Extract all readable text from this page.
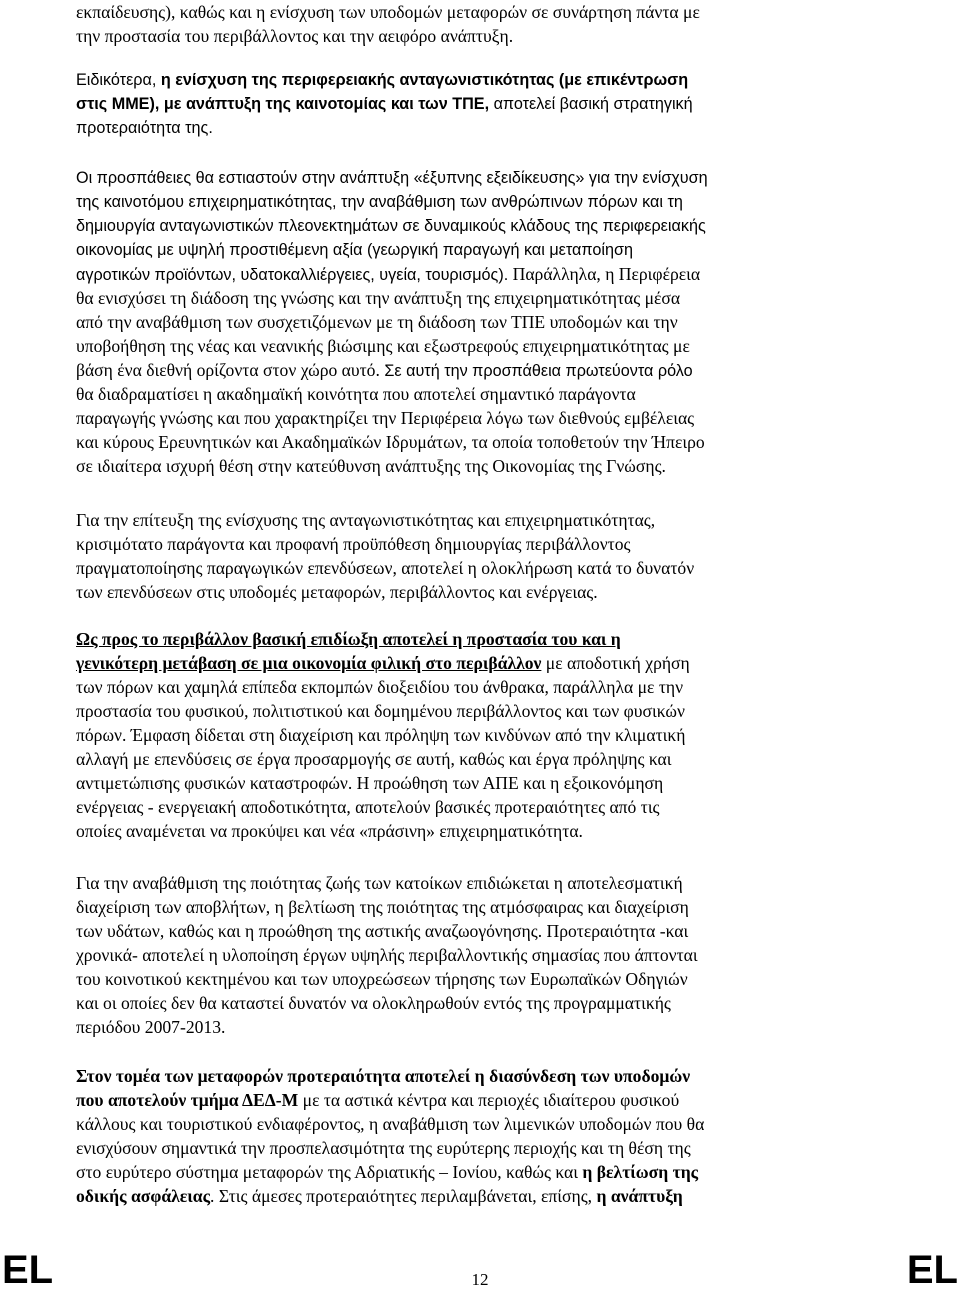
εκπαίδευσης), καθώς και η ενίσχυση των υποδομών μεταφορών σε συνάρτηση πάντα με
την προστασία του περιβάλλοντος και την αειφόρο ανάπτυξη.
Ειδικότερα, η ενίσχυση της περιφερειακής ανταγωνιστικότητας (με επικέντρωση
στις ΜΜΕ), με ανάπτυξη της καινοτομίας και των ΤΠΕ, αποτελεί βασική στρατηγική
προτεραιότητα της.
Οι προσπάθειες θα εστιαστούν στην ανάπτυξη «έξυπνης εξειδίκευσης» για την ενίσχυση
της καινοτόμου επιχειρηματικότητας, την αναβάθμιση των ανθρώπινων πόρων και τη
δημιουργία ανταγωνιστικών πλεονεκτημάτων σε δυναμικούς κλάδους της περιφερειακής
οικονομίας με υψηλή προστιθέμενη αξία (γεωργική παραγωγή και μεταποίηση
αγροτικών προϊόντων, υδατοκαλλιέργειες, υγεία, τουρισμός). Παράλληλα, η Περιφέρεια
θα ενισχύσει τη διάδοση της γνώσης και την ανάπτυξη της επιχειρηματικότητας μέσα
από την αναβάθμιση των συσχετιζόμενων με τη διάδοση των ΤΠΕ υποδομών και την
υποβοήθηση της νέας και νεανικής βιώσιμης και εξωστρεφούς επιχειρηματικότητας με
βάση ένα διεθνή ορίζοντα στον χώρο αυτό. Σε αυτή την προσπάθεια πρωτεύοντα ρόλο
θα διαδραματίσει η ακαδημαϊκή κοινότητα που αποτελεί σημαντικό παράγοντα
παραγωγής γνώσης και που χαρακτηρίζει την Περιφέρεια λόγω των διεθνούς εμβέλειας
και κύρους Ερευνητικών και Ακαδημαϊκών Ιδρυμάτων, τα οποία τοποθετούν την Ήπειρο
σε ιδιαίτερα ισχυρή θέση στην κατεύθυνση ανάπτυξης της Οικονομίας της Γνώσης.
Για την επίτευξη της ενίσχυσης της ανταγωνιστικότητας και επιχειρηματικότητας,
κρισιμότατο παράγοντα και προφανή προϋπόθεση δημιουργίας περιβάλλοντος
πραγματοποίησης παραγωγικών επενδύσεων, αποτελεί η ολοκλήρωση κατά το δυνατόν
των επενδύσεων στις υποδομές μεταφορών, περιβάλλοντος και ενέργειας.
Ως προς το περιβάλλον βασική επιδίωξη αποτελεί η προστασία του και η
γενικότερη μετάβαση σε μια οικονομία φιλική στο περιβάλλον με αποδοτική χρήση
των πόρων και χαμηλά επίπεδα εκπομπών διοξειδίου του άνθρακα, παράλληλα με την
προστασία του φυσικού, πολιτιστικού και δομημένου περιβάλλοντος και των φυσικών
πόρων. Έμφαση δίδεται στη διαχείριση και πρόληψη των κινδύνων από την κλιματική
αλλαγή με επενδύσεις σε έργα προσαρμογής σε αυτή, καθώς και έργα πρόληψης και
αντιμετώπισης φυσικών καταστροφών. Η προώθηση των ΑΠΕ και η εξοικονόμηση
ενέργειας - ενεργειακή αποδοτικότητα, αποτελούν βασικές προτεραιότητες από τις
οποίες αναμένεται να προκύψει και νέα «πράσινη» επιχειρηματικότητα.
Για την αναβάθμιση της ποιότητας ζωής των κατοίκων επιδιώκεται η αποτελεσματική
διαχείριση των αποβλήτων, η βελτίωση της ποιότητας της ατμόσφαιρας και διαχείριση
των υδάτων, καθώς και η προώθηση της αστικής αναζωογόνησης. Προτεραιότητα -και
χρονικά- αποτελεί η υλοποίηση έργων υψηλής περιβαλλοντικής σημασίας που άπτονται
του κοινοτικού κεκτημένου και των υποχρεώσεων τήρησης των Ευρωπαϊκών Οδηγιών
και οι οποίες δεν θα καταστεί δυνατόν να ολοκληρωθούν εντός της προγραμματικής
περιόδου 2007-2013.
Στον τομέα των μεταφορών προτεραιότητα αποτελεί η διασύνδεση των υποδομών
που αποτελούν τμήμα ΔΕΔ-Μ με τα αστικά κέντρα και περιοχές ιδιαίτερου φυσικού
κάλλους και τουριστικού ενδιαφέροντος, η αναβάθμιση των λιμενικών υποδομών που θα
ενισχύσουν σημαντικά την προσπελασιμότητα της ευρύτερης περιοχής και τη θέση της
στο ευρύτερο σύστημα μεταφορών της Αδριατικής – Ιονίου, καθώς και η βελτίωση της
οδικής ασφάλειας. Στις άμεσες προτεραιότητες περιλαμβάνεται, επίσης, η ανάπτυξη
EL	12	EL
